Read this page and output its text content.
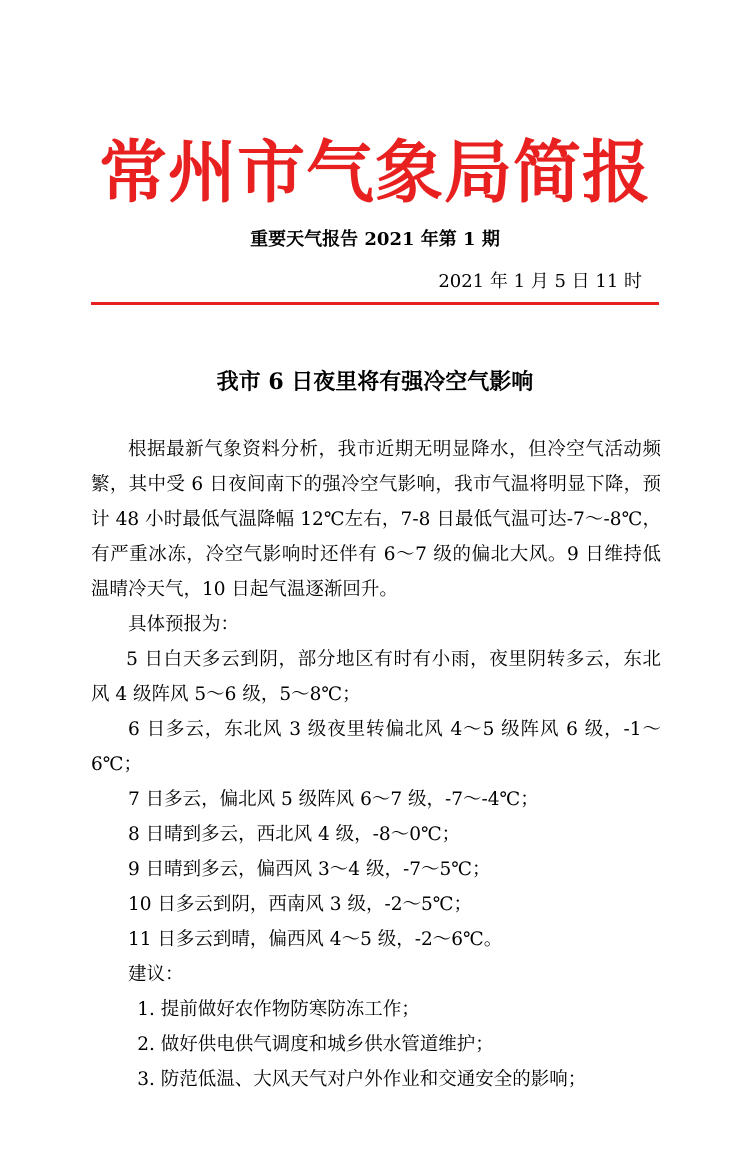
常州市气象局简报
重要天气报告 2021 年第 1 期
2021 年 1 月 5 日 11 时
我市 6 日夜里将有强冷空气影响

根据最新气象资料分析，我市近期无明显降水，但冷空气活动频繁，其中受 6 日夜间南下的强冷空气影响，我市气温将明显下降，预计 48 小时最低气温降幅 12℃左右，7-8 日最低气温可达-7～-8℃，有严重冰冻，冷空气影响时还伴有 6～7 级的偏北大风。9 日维持低温晴冷天气，10 日起气温逐渐回升。

具体预报为：

5 日白天多云到阴，部分地区有时有小雨，夜里阴转多云，东北风 4 级阵风 5～6 级，5～8℃；

6 日多云，东北风 3 级夜里转偏北风 4～5 级阵风 6 级，-1～6℃；

7 日多云，偏北风 5 级阵风 6～7 级，-7～-4℃；

8 日晴到多云，西北风 4 级，-8～0℃；

9 日晴到多云，偏西风 3～4 级，-7～5℃；

10 日多云到阴，西南风 3 级，-2～5℃；

11 日多云到晴，偏西风 4～5 级，-2～6℃。

建议：

1. 提前做好农作物防寒防冻工作；

2. 做好供电供气调度和城乡供水管道维护；

3. 防范低温、大风天气对户外作业和交通安全的影响；
